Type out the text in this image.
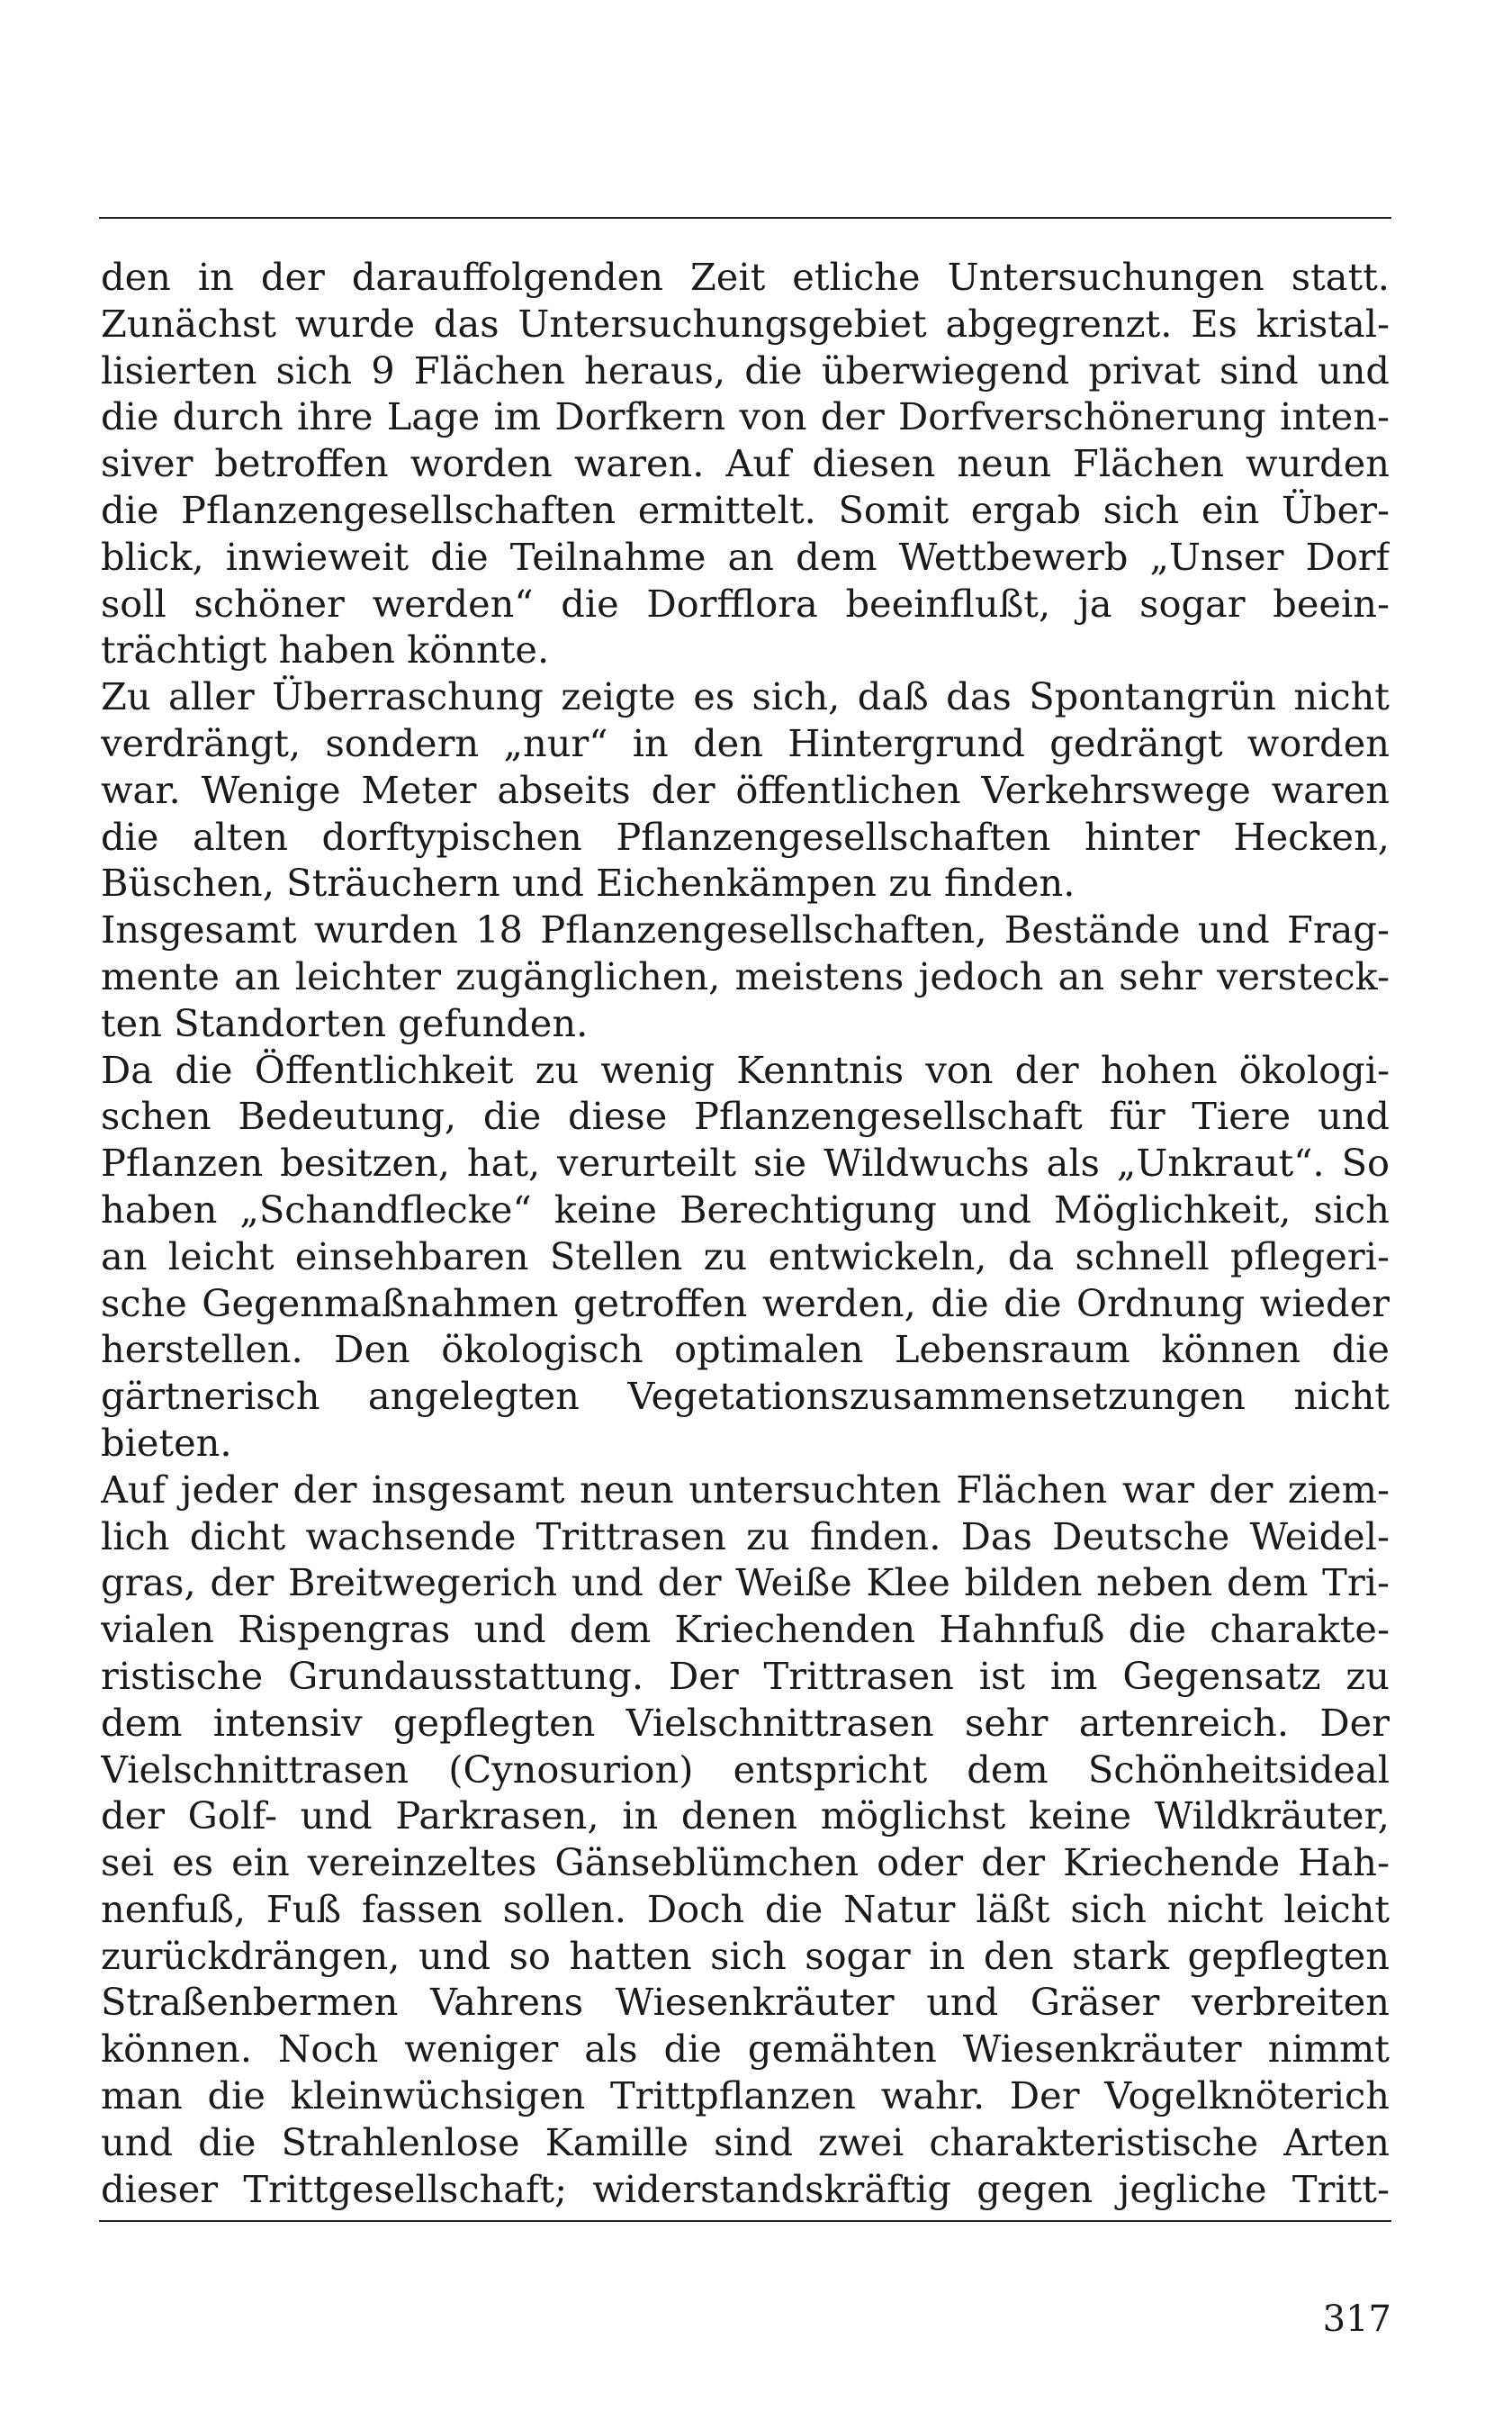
den in der darauffolgenden Zeit etliche Untersuchungen statt.
Zunächst wurde das Untersuchungsgebiet abgegrenzt. Es kristal-
lisierten sich 9 Flächen heraus, die überwiegend privat sind und
die durch ihre Lage im Dorfkern von der Dorfverschönerung inten-
siver betroffen worden waren. Auf diesen neun Flächen wurden
die Pflanzengesellschaften ermittelt. Somit ergab sich ein Über-
blick, inwieweit die Teilnahme an dem Wettbewerb „Unser Dorf
soll schöner werden“ die Dorfflora beeinflußt, ja sogar beein-
trächtigt haben könnte.
Zu aller Überraschung zeigte es sich, daß das Spontangrün nicht
verdrängt, sondern „nur“ in den Hintergrund gedrängt worden
war. Wenige Meter abseits der öffentlichen Verkehrswege waren
die alten dorftypischen Pflanzengesellschaften hinter Hecken,
Büschen, Sträuchern und Eichenkämpen zu finden.
Insgesamt wurden 18 Pflanzengesellschaften, Bestände und Frag-
mente an leichter zugänglichen, meistens jedoch an sehr versteck-
ten Standorten gefunden.
Da die Öffentlichkeit zu wenig Kenntnis von der hohen ökologi-
schen Bedeutung, die diese Pflanzengesellschaft für Tiere und
Pflanzen besitzen, hat, verurteilt sie Wildwuchs als „Unkraut“. So
haben „Schandflecke“ keine Berechtigung und Möglichkeit, sich
an leicht einsehbaren Stellen zu entwickeln, da schnell pflegeri-
sche Gegenmaßnahmen getroffen werden, die die Ordnung wieder
herstellen. Den ökologisch optimalen Lebensraum können die
gärtnerisch angelegten Vegetationszusammensetzungen nicht
bieten.
Auf jeder der insgesamt neun untersuchten Flächen war der ziem-
lich dicht wachsende Trittrasen zu finden. Das Deutsche Weidel-
gras, der Breitwegerich und der Weiße Klee bilden neben dem Tri-
vialen Rispengras und dem Kriechenden Hahnfuß die charakte-
ristische Grundausstattung. Der Trittrasen ist im Gegensatz zu
dem intensiv gepflegten Vielschnittrasen sehr artenreich. Der
Vielschnittrasen (Cynosurion) entspricht dem Schönheitsideal
der Golf- und Parkrasen, in denen möglichst keine Wildkräuter,
sei es ein vereinzeltes Gänseblümchen oder der Kriechende Hah-
nenfuß, Fuß fassen sollen. Doch die Natur läßt sich nicht leicht
zurückdrängen, und so hatten sich sogar in den stark gepflegten
Straßenbermen Vahrens Wiesenkräuter und Gräser verbreiten
können. Noch weniger als die gemähten Wiesenkräuter nimmt
man die kleinwüchsigen Trittpflanzen wahr. Der Vogelknöterich
und die Strahlenlose Kamille sind zwei charakteristische Arten
dieser Trittgesellschaft; widerstandskräftig gegen jegliche Tritt-
317
